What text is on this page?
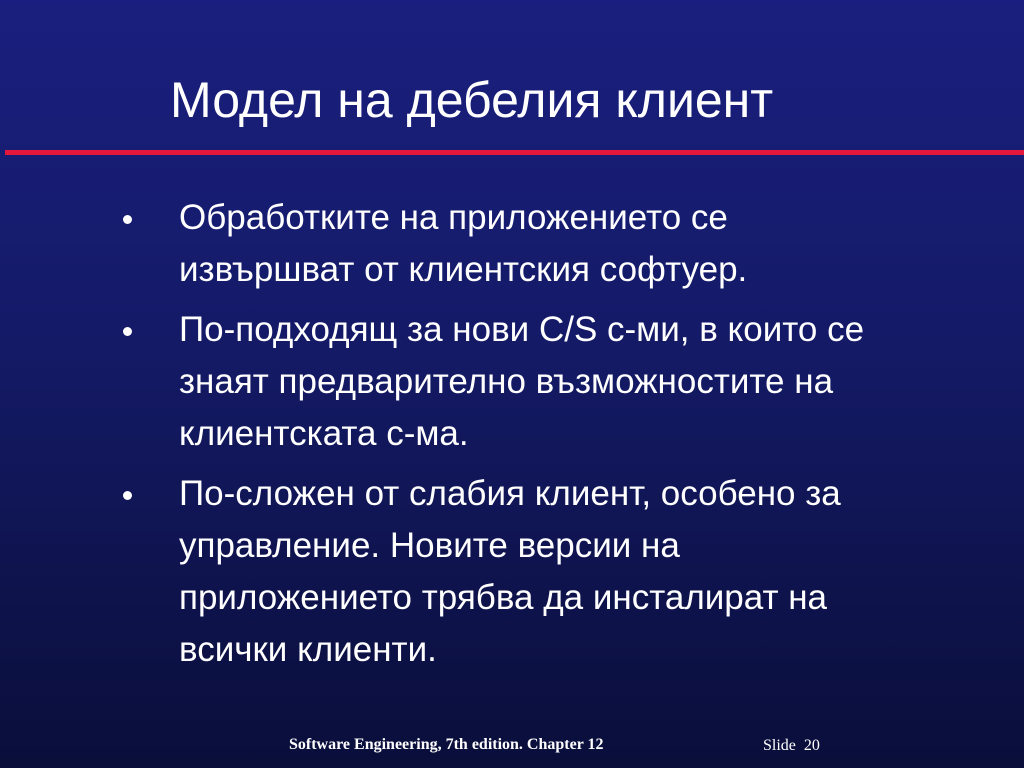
Модел на дебелия клиент
Обработките на приложението се
извършват от клиентския софтуер.
По-подходящ за нови C/S с-ми, в които се
знаят предварително възможностите на
клиентската с-ма.
По-сложен от слабия клиент, особено за
управление. Новите версии на
приложението трябва да инсталират на
всички клиенти.
Software Engineering, 7th edition. Chapter 12	Slide 20
